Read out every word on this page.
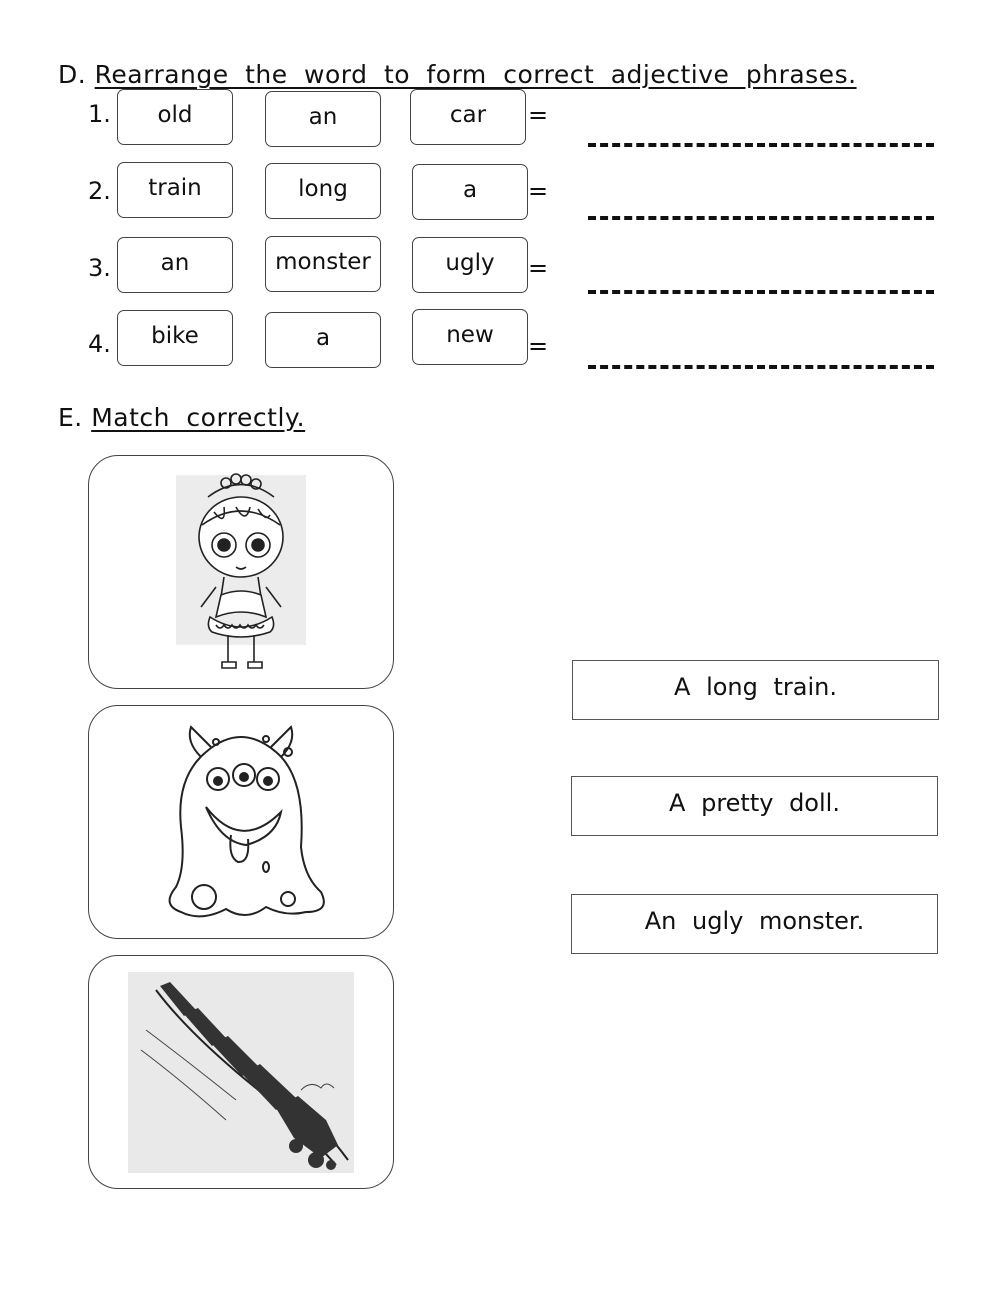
D. Rearrange the word to form correct adjective phrases.
1.	old	an	car	=
2.	train	long	a	=
3.	an	monster	ugly	=
4.	bike	a	new	=
E. Match correctly.
A long train.
A pretty doll.
An ugly monster.
